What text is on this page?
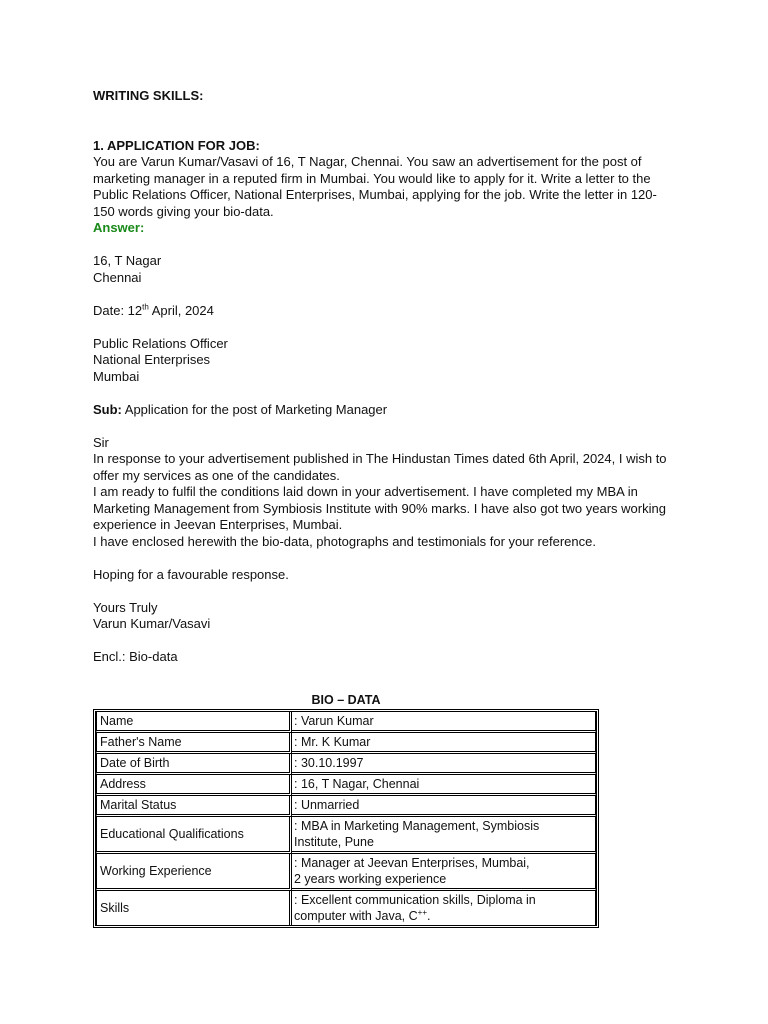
WRITING SKILLS:

1. APPLICATION FOR JOB:

You are Varun Kumar/Vasavi of 16, T Nagar, Chennai. You saw an advertisement for the post of

marketing manager in a reputed firm in Mumbai. You would like to apply for it. Write a letter to the

Public Relations Officer, National Enterprises, Mumbai, applying for the job. Write the letter in 120-

150 words giving your bio-data.

Answer:

16, T Nagar

Chennai

Date: 12th April, 2024

Public Relations Officer

National Enterprises

Mumbai

Sub: Application for the post of Marketing Manager

Sir

In response to your advertisement published in The Hindustan Times dated 6th April, 2024, I wish to

offer my services as one of the candidates.

I am ready to fulfil the conditions laid down in your advertisement. I have completed my MBA in

Marketing Management from Symbiosis Institute with 90% marks. I have also got two years working

experience in Jeevan Enterprises, Mumbai.

I have enclosed herewith the bio-data, photographs and testimonials for your reference.

Hoping for a favourable response.

Yours Truly

Varun Kumar/Vasavi

Encl.: Bio-data

BIO – DATA
Name	: Varun Kumar
Father's Name	: Mr. K Kumar
Date of Birth	: 30.10.1997
Address	: 16, T Nagar, Chennai
Marital Status	: Unmarried
Educational Qualifications	: MBA in Marketing Management, Symbiosis
Institute, Pune
Working Experience	: Manager at Jeevan Enterprises, Mumbai,
2 years working experience
Skills	: Excellent communication skills, Diploma in
computer with Java, C++.
